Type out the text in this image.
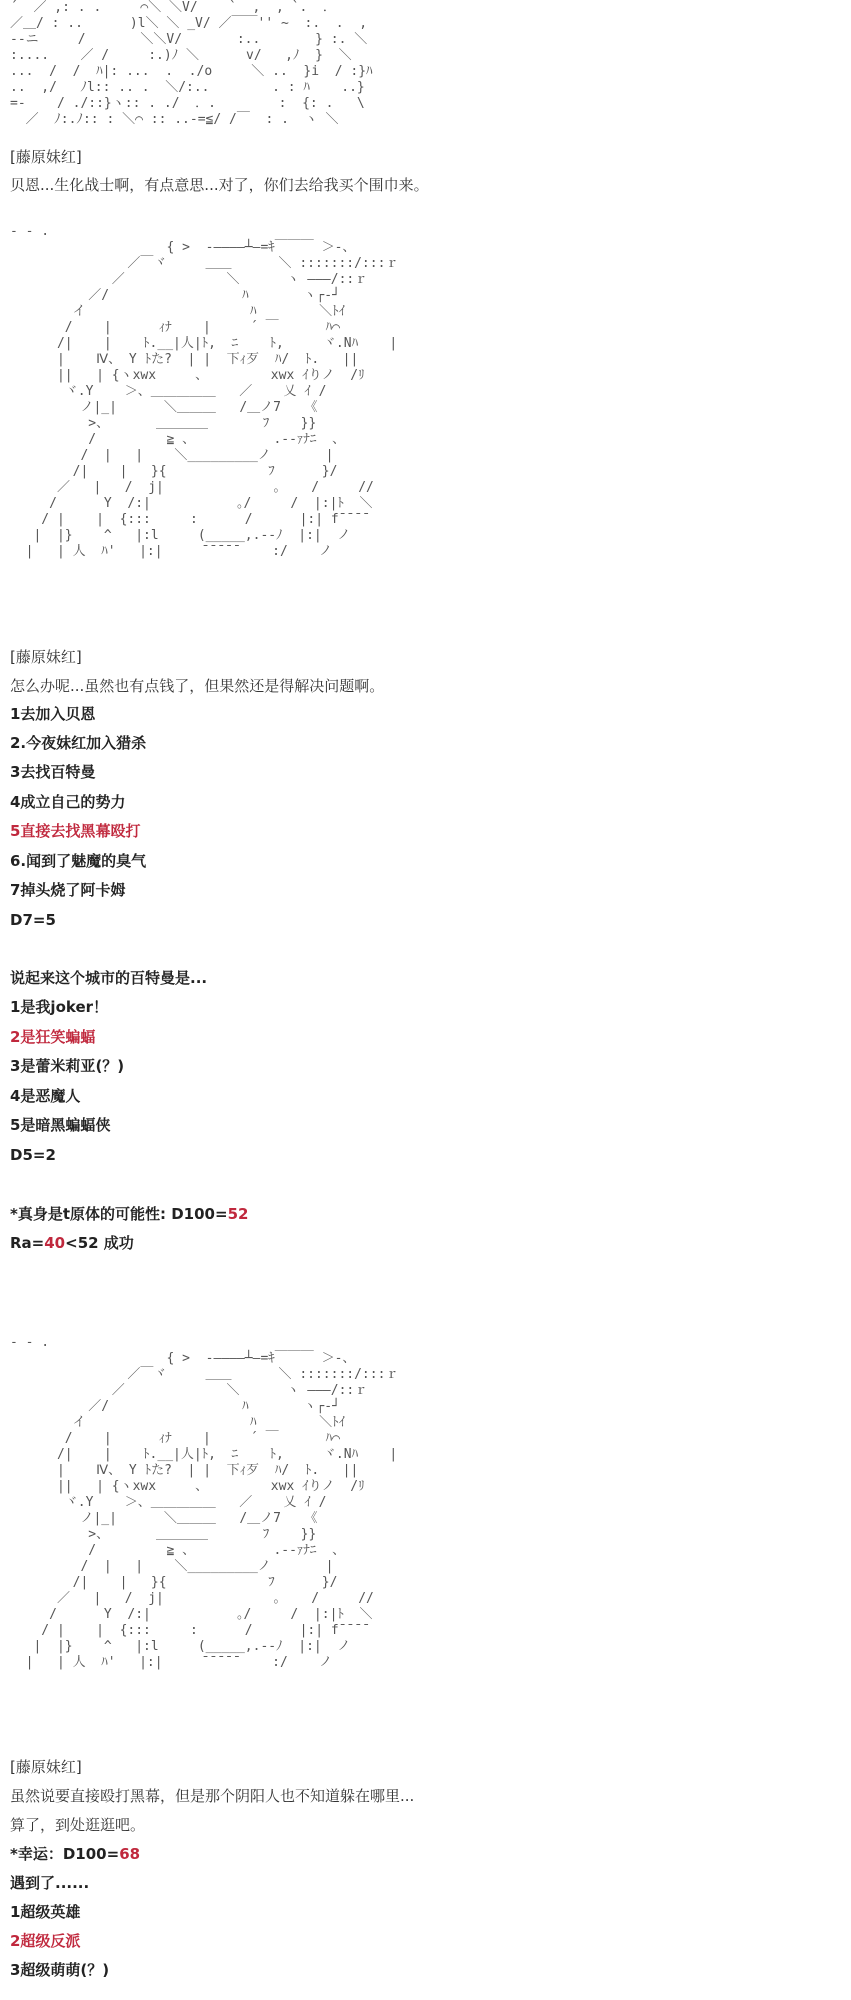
´  ／ ,: . .     ⌒＼ ＼V/    `  ,  , `.  ．
／＿/ : ..      )l＼ ＼ _V/ ／￣￣'' ~  :.  .  ,
-‐ニ     /       ＼＼V/       :..       } :. ＼
:....    ／ /     :.)ﾉ ＼      v/   ,ﾉ  }  ＼
...  /  /  ﾊ|: ...  .  ./o     ＼ ..  }i  / :}ﾊ
..  ,/   ﾉl:: .. .  ＼/:..        . : ﾊ    ..}
=‐    / ./::}ヽ:: . ./  ．.        :  {: .   \
／  ﾉ:.ﾉ:: : ＼⌒ :: ..-=≦/ /￣  : .  ヽ ＼
[藤原妹红]
贝恩...生化战士啊，有点意思...对了，你们去给我买个围巾来。
‐ ‐ .
{ >  -――――┴―=ｷ￣￣￣ ＞-、
／￣ヾ     ＿＿      ＼ :::::::/:::ｒ
／             ＼      ヽ ―――/::ｒ
／/                 ﾊ       ヽ┌‐┘
イ                     ﾊ        ＼ﾄｲ
/    |      ｨﾅ    |     ´ ￣      ﾊ⌒
/|    |    ﾄ.__|人|ﾄ,  ﾆ    ﾄ,     ヾ.Nﾊ    |
|    Ⅳ、 Y ﾄた?  | |  下ｨ歹  ﾊ/  ﾄ.   ||
||   | {ヽxwx     、        xwx ｲりノ  /ﾘ
ヾ.Y    ＞、＿＿＿＿＿   ／    乂 ｲ /
ノ|_|      ＼＿＿＿   /＿ノ7   《
>、      ＿＿＿＿       ﾌ    }}
/         ≧ 、          .--ｧﾅﾆ  、
/  |   |    ＼_________ノ       |
/|    |   }{             ﾌ      }/
／   |   /  j|              ｡    /     //
/      Y  /:|           ｡/     /  |:|ﾄ  ＼
/ |    |  {:::     :      /      |:| f¯¯¯¯
|  |}    ^   |:l     (_____,.--ﾉ  |:|  ノ
|   | 人  ﾊ'   |:|     ¯¯¯¯¯    :/    ノ
[藤原妹红]
怎么办呢...虽然也有点钱了，但果然还是得解决问题啊。
1去加入贝恩
2.今夜妹红加入猎杀
3去找百特曼
4成立自己的势力
5直接去找黑幕殴打
6.闻到了魅魔的臭气
7掉头烧了阿卡姆
D7=5
说起来这个城市的百特曼是...
1是我joker！
2是狂笑蝙蝠
3是蕾米莉亚(？)
4是恶魔人
5是暗黑蝙蝠侠
D5=2
*真身是t原体的可能性: D100=52
Ra=40<52 成功
‐ ‐ .
{ >  -――――┴―=ｷ￣￣￣ ＞-、
／￣ヾ     ＿＿      ＼ :::::::/:::ｒ
／             ＼      ヽ ―――/::ｒ
／/                 ﾊ       ヽ┌‐┘
イ                     ﾊ        ＼ﾄｲ
/    |      ｨﾅ    |     ´ ￣      ﾊ⌒
/|    |    ﾄ.__|人|ﾄ,  ﾆ    ﾄ,     ヾ.Nﾊ    |
|    Ⅳ、 Y ﾄた?  | |  下ｨ歹  ﾊ/  ﾄ.   ||
||   | {ヽxwx     、        xwx ｲりノ  /ﾘ
ヾ.Y    ＞、＿＿＿＿＿   ／    乂 ｲ /
ノ|_|      ＼＿＿＿   /＿ノ7   《
>、      ＿＿＿＿       ﾌ    }}
/         ≧ 、          .--ｧﾅﾆ  、
/  |   |    ＼_________ノ       |
/|    |   }{             ﾌ      }/
／   |   /  j|              ｡    /     //
/      Y  /:|           ｡/     /  |:|ﾄ  ＼
/ |    |  {:::     :      /      |:| f¯¯¯¯
|  |}    ^   |:l     (_____,.--ﾉ  |:|  ノ
|   | 人  ﾊ'   |:|     ¯¯¯¯¯    :/    ノ
[藤原妹红]
虽然说要直接殴打黑幕，但是那个阴阳人也不知道躲在哪里...
算了，到处逛逛吧。
*幸运：D100=68
遇到了......
1超级英雄
2超级反派
3超级萌萌(？)
